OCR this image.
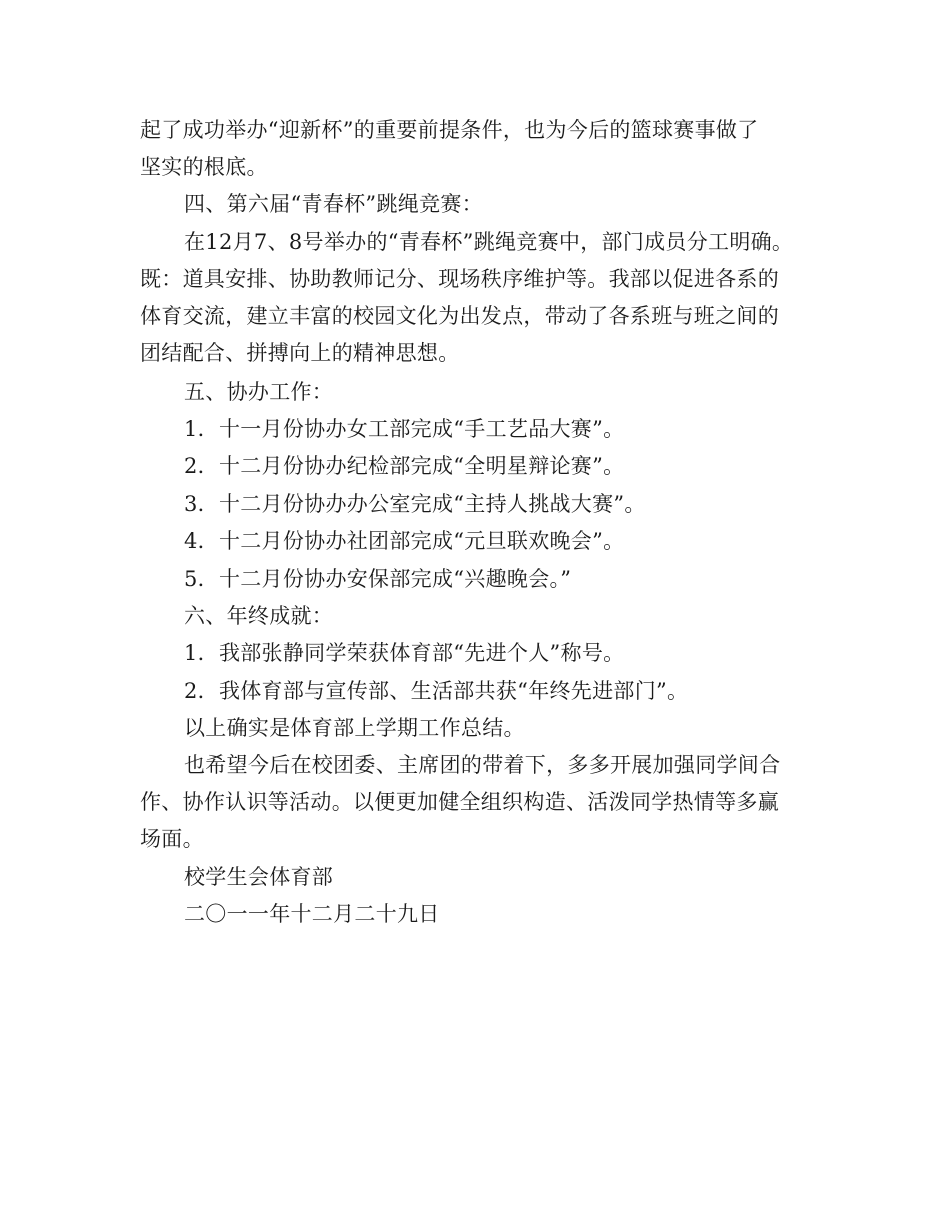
起了成功举办“迎新杯”的重要前提条件，也为今后的篮球赛事做了
坚实的根底。
四、第六届“青春杯”跳绳竞赛：
在12月7、8号举办的“青春杯”跳绳竞赛中，部门成员分工明确。
既：道具安排、协助教师记分、现场秩序维护等。我部以促进各系的
体育交流，建立丰富的校园文化为出发点，带动了各系班与班之间的
团结配合、拼搏向上的精神思想。
五、协办工作：
1．十一月份协办女工部完成“手工艺品大赛”。
2．十二月份协办纪检部完成“全明星辩论赛”。
3．十二月份协办办公室完成“主持人挑战大赛”。
4．十二月份协办社团部完成“元旦联欢晚会”。
5．十二月份协办安保部完成“兴趣晚会。”
六、年终成就：
1．我部张静同学荣获体育部“先进个人”称号。
2．我体育部与宣传部、生活部共获“年终先进部门”。
以上确实是体育部上学期工作总结。
也希望今后在校团委、主席团的带着下，多多开展加强同学间合
作、协作认识等活动。以便更加健全组织构造、活泼同学热情等多赢
场面。
校学生会体育部
二〇一一年十二月二十九日
